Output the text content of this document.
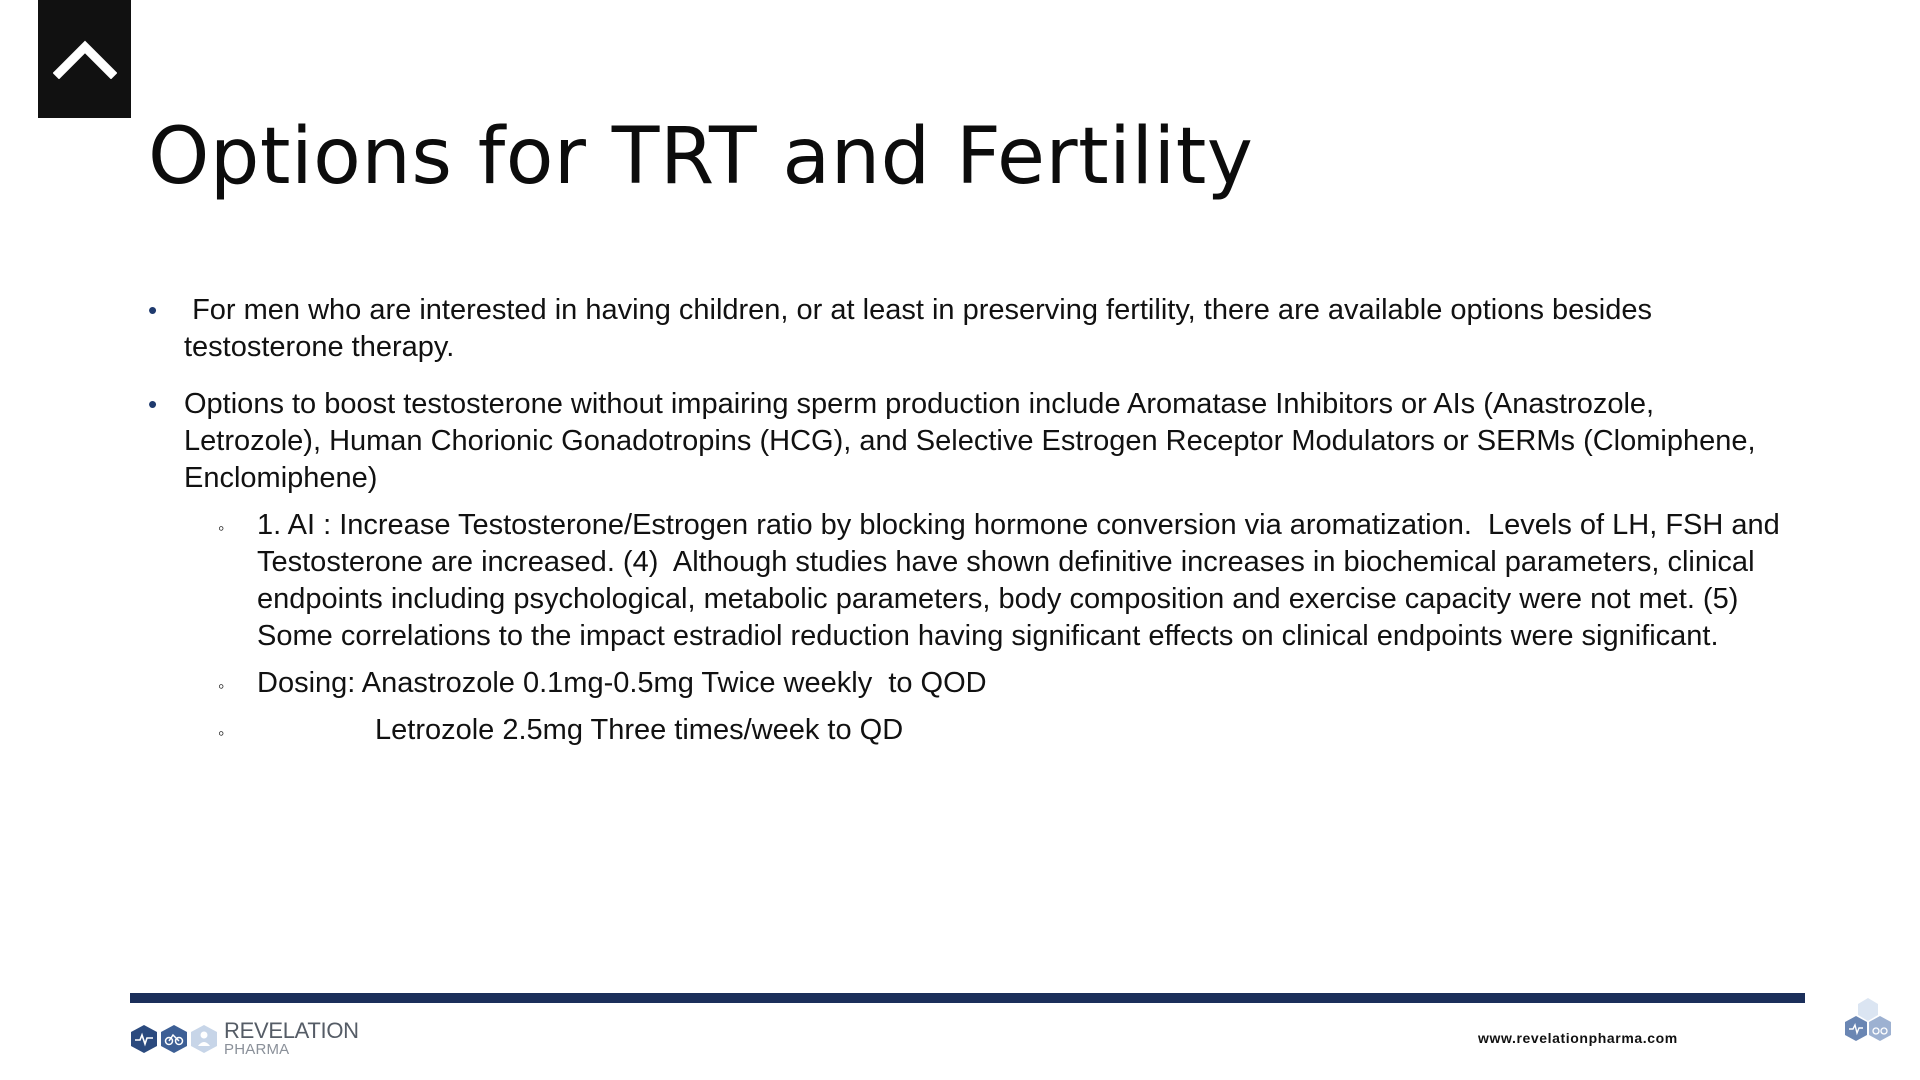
Options for TRT and Fertility
• For men who are interested in having children, or at least in preserving fertility, there are available options besides testosterone therapy.
• Options to boost testosterone without impairing sperm production include Aromatase Inhibitors or AIs (Anastrozole, Letrozole), Human Chorionic Gonadotropins (HCG), and Selective Estrogen Receptor Modulators or SERMs (Clomiphene, Enclomiphene)
◦ 1. AI : Increase Testosterone/Estrogen ratio by blocking hormone conversion via aromatization.  Levels of LH, FSH and Testosterone are increased. (4)  Although studies have shown definitive increases in biochemical parameters, clinical endpoints including psychological, metabolic parameters, body composition and exercise capacity were not met. (5)  Some correlations to the impact estradiol reduction having significant effects on clinical endpoints were significant.
◦ Dosing: Anastrozole 0.1mg-0.5mg Twice weekly  to QOD
◦	Letrozole 2.5mg Three times/week to QD
REVELATION
PHARMA
www.revelationpharma.com
